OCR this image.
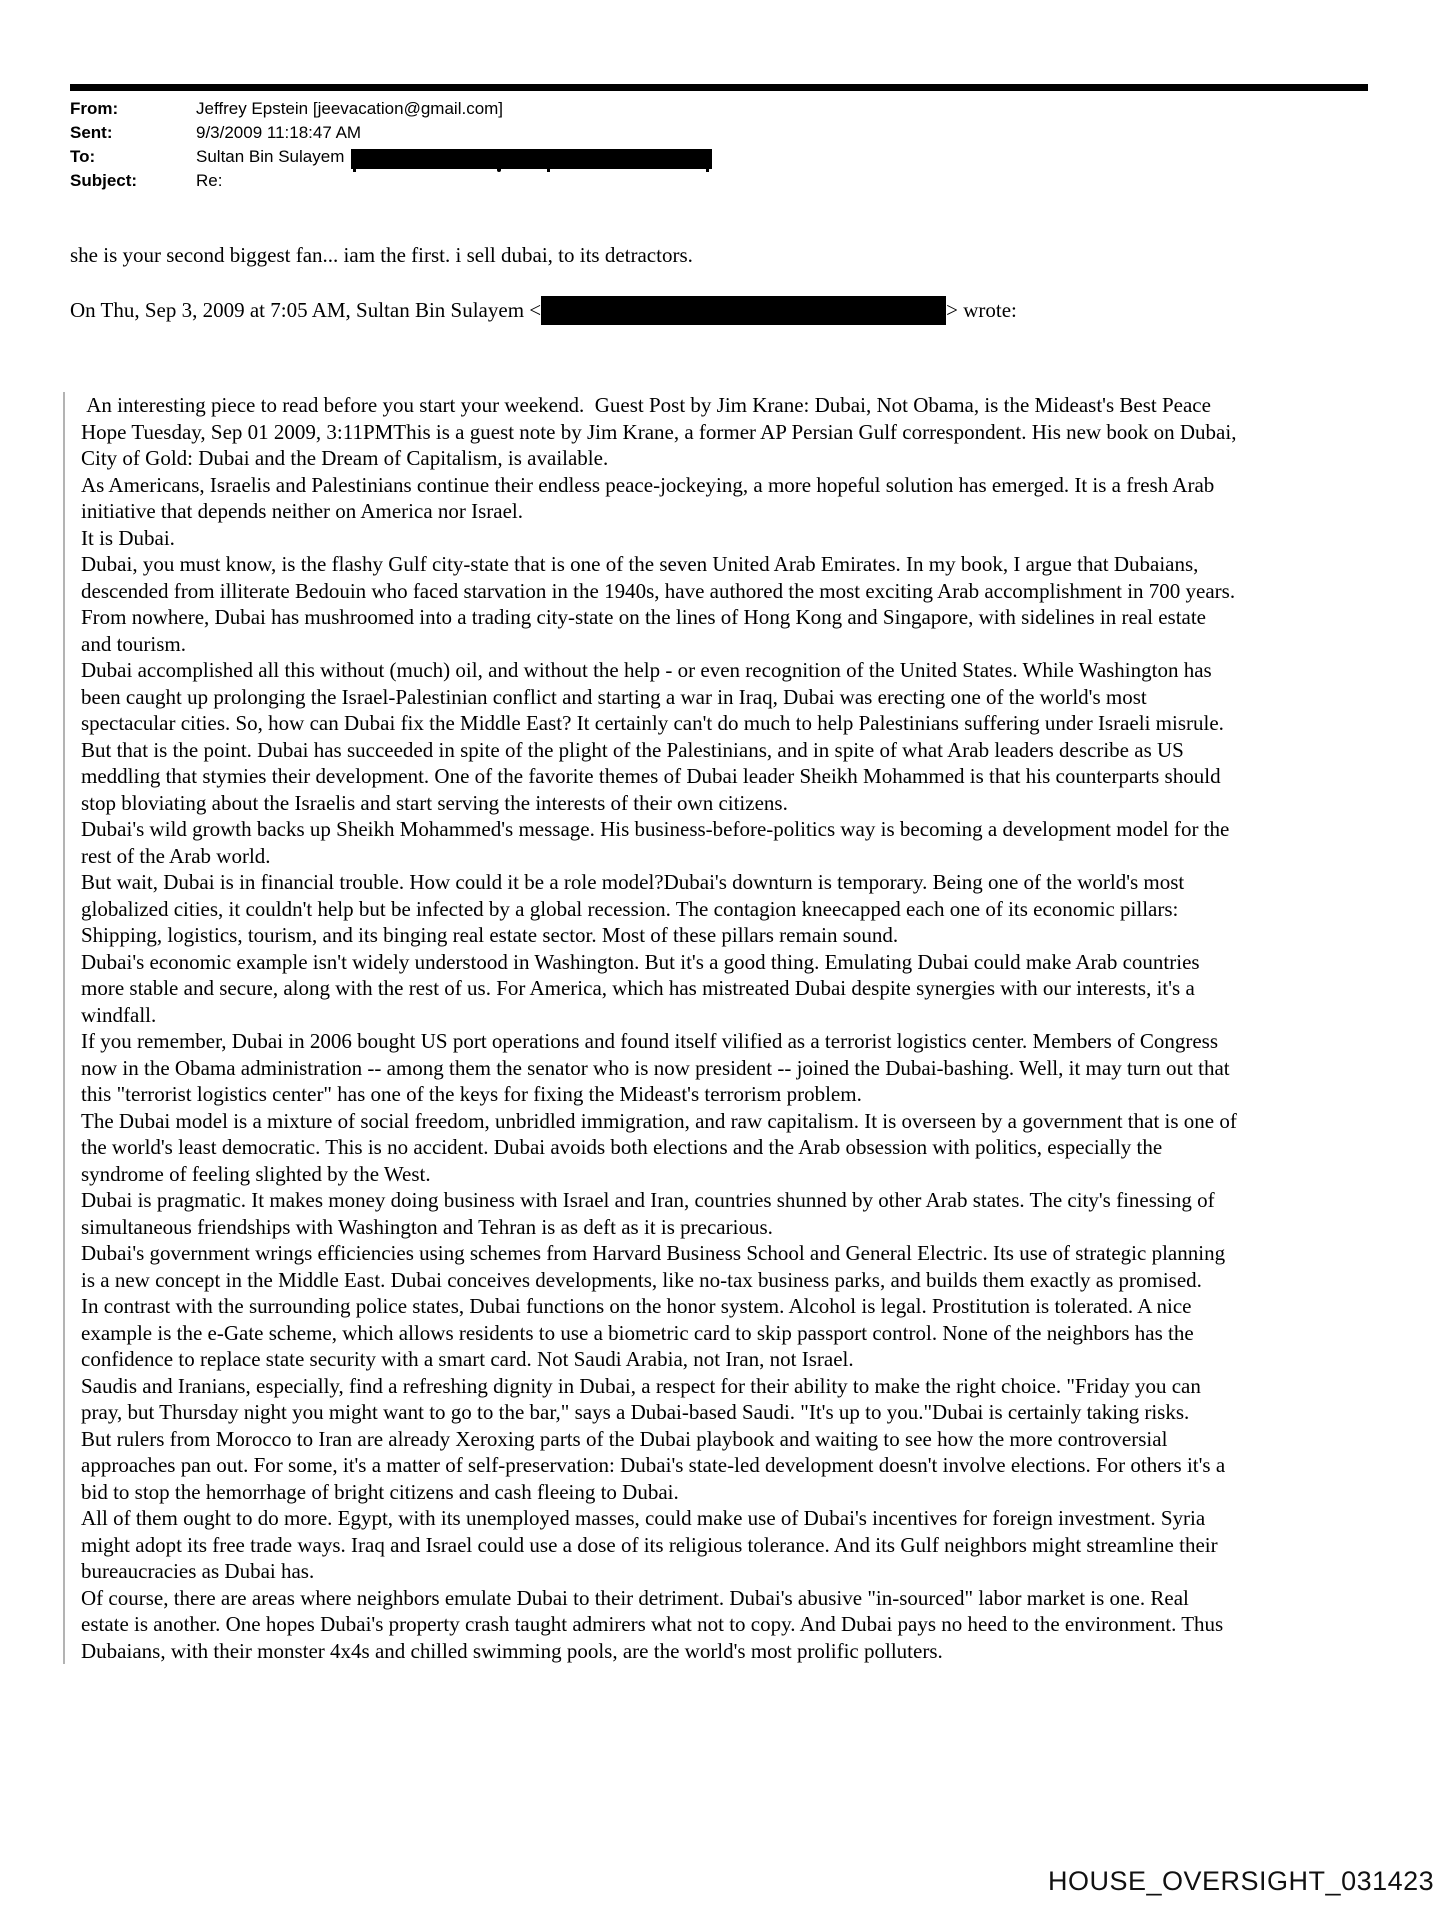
From:	Jeffrey Epstein [jeevacation@gmail.com]
Sent:	9/3/2009 11:18:47 AM
To:	Sultan Bin Sulayem
Subject:	Re:

she is your second biggest fan... iam the first. i sell dubai, to its detractors.

On Thu, Sep 3, 2009 at 7:05 AM, Sultan Bin Sulayem <	> wrote:

An interesting piece to read before you start your weekend.  Guest Post by Jim Krane: Dubai, Not Obama, is the Mideast's Best Peace Hope Tuesday, Sep 01 2009, 3:11PMThis is a guest note by Jim Krane, a former AP Persian Gulf correspondent. His new book on Dubai,  City of Gold: Dubai and the Dream of Capitalism, is available.

As Americans, Israelis and Palestinians continue their endless peace-jockeying, a more hopeful solution has emerged. It is a fresh Arab initiative that depends neither on America nor Israel.

It is Dubai.

Dubai, you must know, is the flashy Gulf city-state that is one of the seven United Arab Emirates. In my book, I argue that Dubaians, descended from illiterate Bedouin who faced starvation in the 1940s, have authored the most exciting Arab accomplishment in 700 years.

From nowhere, Dubai has mushroomed into a trading city-state on the lines of Hong Kong and Singapore, with sidelines in real estate and tourism.

Dubai accomplished all this without (much) oil, and without the help - or even recognition of the United States. While Washington has been caught up prolonging the Israel-Palestinian conflict and starting a war in Iraq, Dubai was erecting one of the world's most spectacular cities. So, how can Dubai fix the Middle East? It certainly can't do much to help Palestinians suffering under Israeli misrule.

But that is the point. Dubai has succeeded in spite of the plight of the Palestinians, and in spite of what Arab leaders describe as US meddling that stymies their development. One of the favorite themes of Dubai leader Sheikh Mohammed is that his counterparts should stop bloviating about the Israelis and start serving the interests of their own citizens.

Dubai's wild growth backs up Sheikh Mohammed's message. His business-before-politics way is becoming a development model for the rest of the Arab world.

But wait, Dubai is in financial trouble. How could it be a role model?Dubai's downturn is temporary. Being one of the world's most globalized cities, it couldn't help but be infected by a global recession. The contagion kneecapped each one of its economic pillars: Shipping, logistics, tourism, and its binging real estate sector. Most of these pillars remain sound.

Dubai's economic example isn't widely understood in Washington. But it's a good thing. Emulating Dubai could make Arab countries more stable and secure, along with the rest of us. For America, which has mistreated Dubai despite synergies with our interests, it's a windfall.

If you remember, Dubai in 2006 bought US port operations and found itself vilified as a terrorist logistics center. Members of Congress now in the Obama administration -- among them the senator who is now president -- joined the Dubai-bashing. Well, it may turn out that this "terrorist logistics center" has one of the keys for fixing the Mideast's terrorism problem.

The Dubai model is a mixture of social freedom, unbridled immigration, and raw capitalism. It is overseen by a government that is one of the world's least democratic. This is no accident. Dubai avoids both elections and the Arab obsession with politics, especially the syndrome of feeling slighted by the West.

Dubai is pragmatic. It makes money doing business with Israel and Iran, countries shunned by other Arab states. The city's finessing of simultaneous friendships with Washington and Tehran is as deft as it is precarious.

Dubai's government wrings efficiencies using schemes from Harvard Business School and General Electric. Its use of strategic planning is a new concept in the Middle East. Dubai conceives developments, like no-tax business parks, and builds them exactly as promised.

In contrast with the surrounding police states, Dubai functions on the honor system. Alcohol is legal. Prostitution is tolerated. A nice example is the e-Gate scheme, which allows residents to use a biometric card to skip passport control. None of the neighbors has the confidence to replace state security with a smart card. Not Saudi Arabia, not Iran, not Israel.

Saudis and Iranians, especially, find a refreshing dignity in Dubai, a respect for their ability to make the right choice. "Friday you can pray, but Thursday night you might want to go to the bar," says a Dubai-based Saudi. "It's up to you."Dubai is certainly taking risks.

But rulers from Morocco to Iran are already Xeroxing parts of the Dubai playbook and waiting to see how the more controversial approaches pan out. For some, it's a matter of self-preservation: Dubai's state-led development doesn't involve elections. For others it's a bid to stop the hemorrhage of bright citizens and cash fleeing to Dubai.

All of them ought to do more. Egypt, with its unemployed masses, could make use of Dubai's incentives for foreign investment. Syria might adopt its free trade ways. Iraq and Israel could use a dose of its religious tolerance. And its Gulf neighbors might streamline their bureaucracies as Dubai has.

Of course, there are areas where neighbors emulate Dubai to their detriment. Dubai's abusive "in-sourced" labor market is one. Real estate is another. One hopes Dubai's property crash taught admirers what not to copy. And Dubai pays no heed to the environment. Thus Dubaians, with their monster 4x4s and chilled swimming pools, are the world's most prolific polluters.

HOUSE_OVERSIGHT_031423
